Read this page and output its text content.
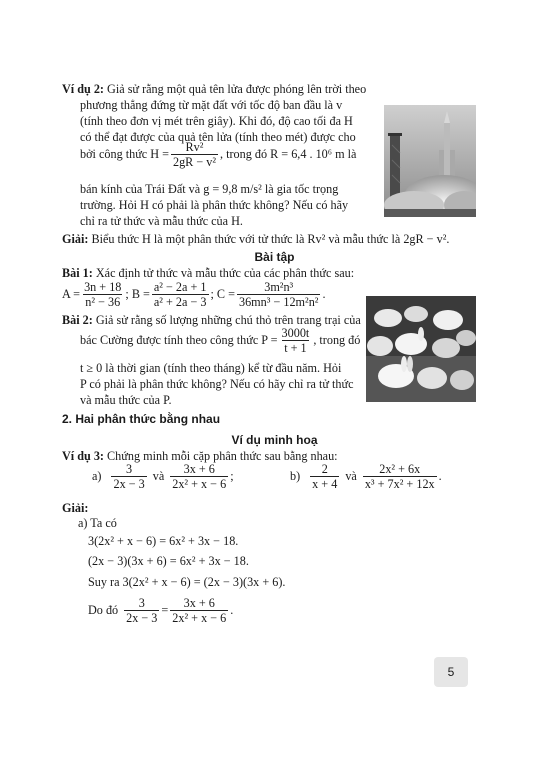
Ví dụ 2: Giả sử rằng một quả tên lửa được phóng lên trời theo
phương thẳng đứng từ mặt đất với tốc độ ban đầu là v
(tính theo đơn vị mét trên giây). Khi đó, độ cao tối đa H
có thể đạt được của quả tên lửa (tính theo mét) được cho
bởi công thức $H = \frac{\text{Rv²}}{\text{2gR − v²}}$ , trong đó R = 6,4 . 10⁶ m là
bán kính của Trái Đất và g = 9,8 m/s² là gia tốc trọng
trường. Hỏi H có phải là phân thức không? Nếu có hãy
chỉ ra tử thức và mẫu thức của H.
Giải: Biểu thức H là một phân thức với tử thức là Rv² và mẫu thức là 2gR − v².
Bài tập
Bài 1: Xác định tử thức và mẫu thức của các phân thức sau:
$A = \frac{3n + 18}{\text{n² − 36}}$ ; $B = \frac{\text{a² − 2a + 1}}{\text{a² + 2a − 3}}$ ; $C = \frac{\text{3m²n³}}{\text{36mn³ − 12m²n²}}$ .
Bài 2: Giả sử rằng số lượng những chú thỏ trên trang trại của
bác Cường được tính theo công thức $P = \frac{3000t}{t + 1}$ , trong đó
t ≥ 0 là thời gian (tính theo tháng) kể từ đầu năm. Hỏi
P có phải là phân thức không? Nếu có hãy chỉ ra tử thức
và mẫu thức của P.
2. Hai phân thức bằng nhau
Ví dụ minh hoạ
Ví dụ 3: Chứng minh mỗi cặp phân thức sau bằng nhau:
$a) \frac{3}{2x - 3}$ và $\frac{3x + 6}{\text{2x² + x − 6}}$ ;	$b) \frac{2}{x + 4}$ và $\frac{\text{2x² + 6x}}{\text{x³ + 7x² + 12x}}$ .
Giải:
a) Ta có
3(2x² + x − 6) = 6x² + 3x − 18.
(2x − 3)(3x + 6) = 6x² + 3x − 18.
Suy ra 3(2x² + x − 6) = (2x − 3)(3x + 6).
Do đó $\frac{3}{2x - 3} = \frac{3x + 6}{\text{2x² + x − 6}}$ .
5
